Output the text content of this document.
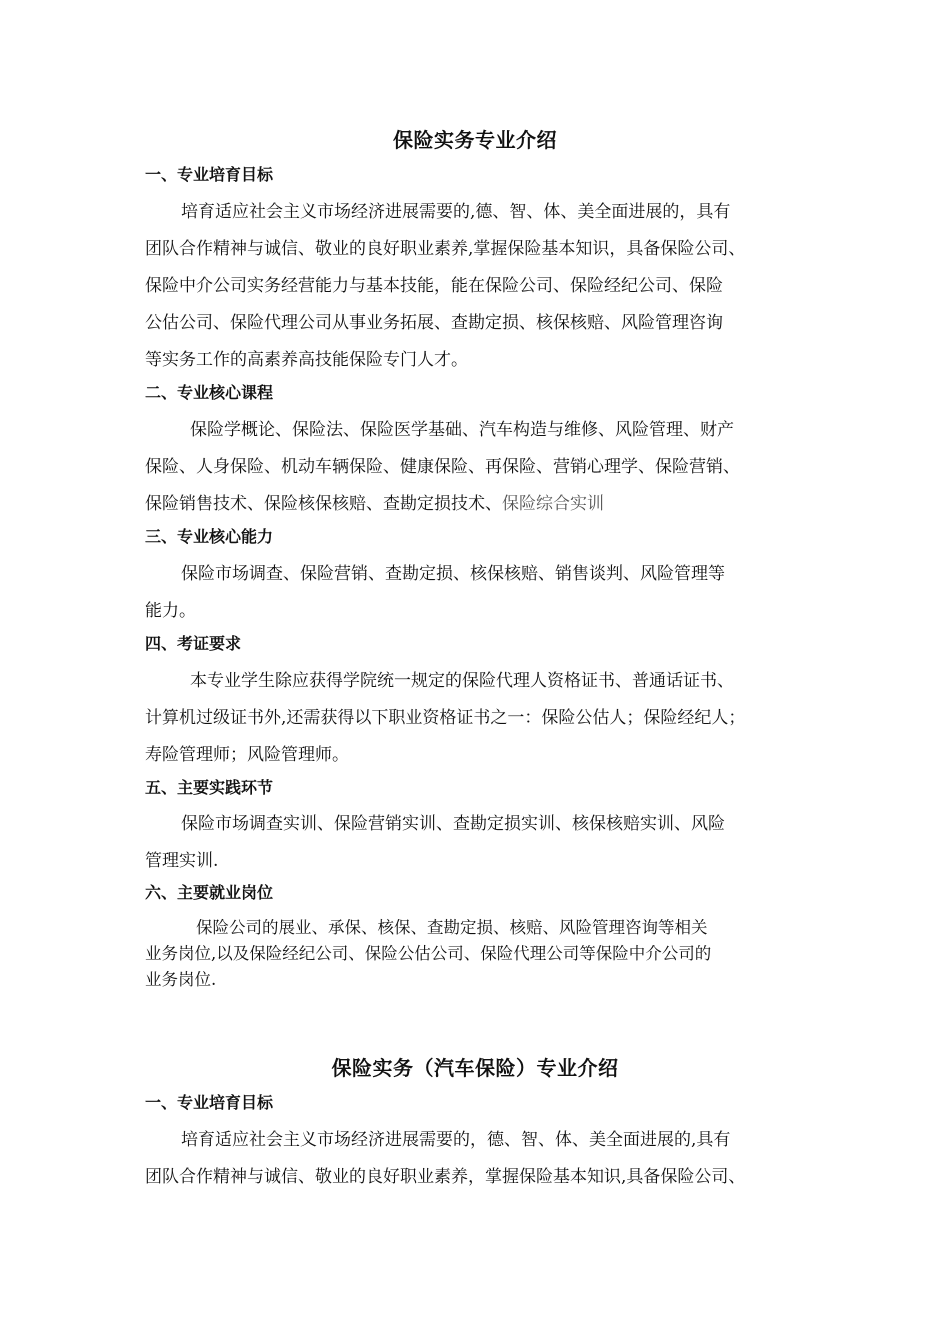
保险实务专业介绍
一、专业培育目标
培育适应社会主义市场经济进展需要的,德、智、体、美全面进展的，具有
团队合作精神与诚信、敬业的良好职业素养,掌握保险基本知识，具备保险公司、
保险中介公司实务经营能力与基本技能，能在保险公司、保险经纪公司、保险
公估公司、保险代理公司从事业务拓展、查勘定损、核保核赔、风险管理咨询
等实务工作的高素养高技能保险专门人才。
二、专业核心课程
保险学概论、保险法、保险医学基础、汽车构造与维修、风险管理、财产
保险、人身保险、机动车辆保险、健康保险、再保险、营销心理学、保险营销、
保险销售技术、保险核保核赔、查勘定损技术、保险综合实训
三、专业核心能力
保险市场调查、保险营销、查勘定损、核保核赔、销售谈判、风险管理等
能力。
四、考证要求
本专业学生除应获得学院统一规定的保险代理人资格证书、普通话证书、
计算机过级证书外,还需获得以下职业资格证书之一：保险公估人；保险经纪人；
寿险管理师；风险管理师。
五、主要实践环节
保险市场调查实训、保险营销实训、查勘定损实训、核保核赔实训、风险
管理实训.
六、主要就业岗位
保险公司的展业、承保、核保、查勘定损、核赔、风险管理咨询等相关
业务岗位,以及保险经纪公司、保险公估公司、保险代理公司等保险中介公司的
业务岗位.
保险实务（汽车保险）专业介绍
一、专业培育目标
培育适应社会主义市场经济进展需要的，德、智、体、美全面进展的,具有
团队合作精神与诚信、敬业的良好职业素养，掌握保险基本知识,具备保险公司、
